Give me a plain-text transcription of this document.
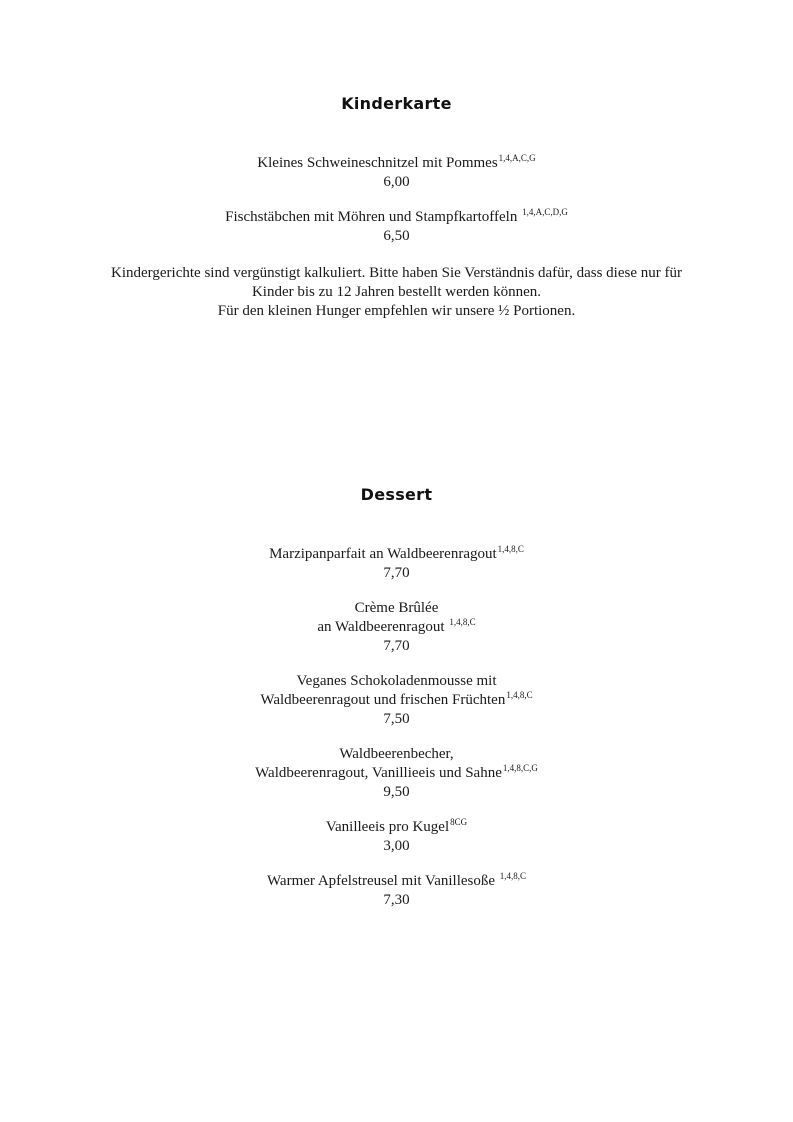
Kinderkarte
Kleines Schweineschnitzel mit Pommes$^{1,4,A,C,G}$
6,00
Fischstäbchen mit Möhren und Stampfkartoffeln $^{1,4,A,C,D,G}$
6,50
Kindergerichte sind vergünstigt kalkuliert. Bitte haben Sie Verständnis dafür, dass diese nur für
Kinder bis zu 12 Jahren bestellt werden können.
Für den kleinen Hunger empfehlen wir unsere ½ Portionen.
Dessert
Marzipanparfait an Waldbeerenragout$^{1,4,8,C}$
7,70
Crème Brûlée
an Waldbeerenragout $^{1,4,8,C}$
7,70
Veganes Schokoladenmousse mit
Waldbeerenragout und frischen Früchten$^{1,4,8,C}$
7,50
Waldbeerenbecher,
Waldbeerenragout, Vanillieeis und Sahne$^{1,4,8,C,G}$
9,50
Vanilleeis pro Kugel$^{8CG}$
3,00
Warmer Apfelstreusel mit Vanillesoße $^{1,4,8,C}$
7,30
